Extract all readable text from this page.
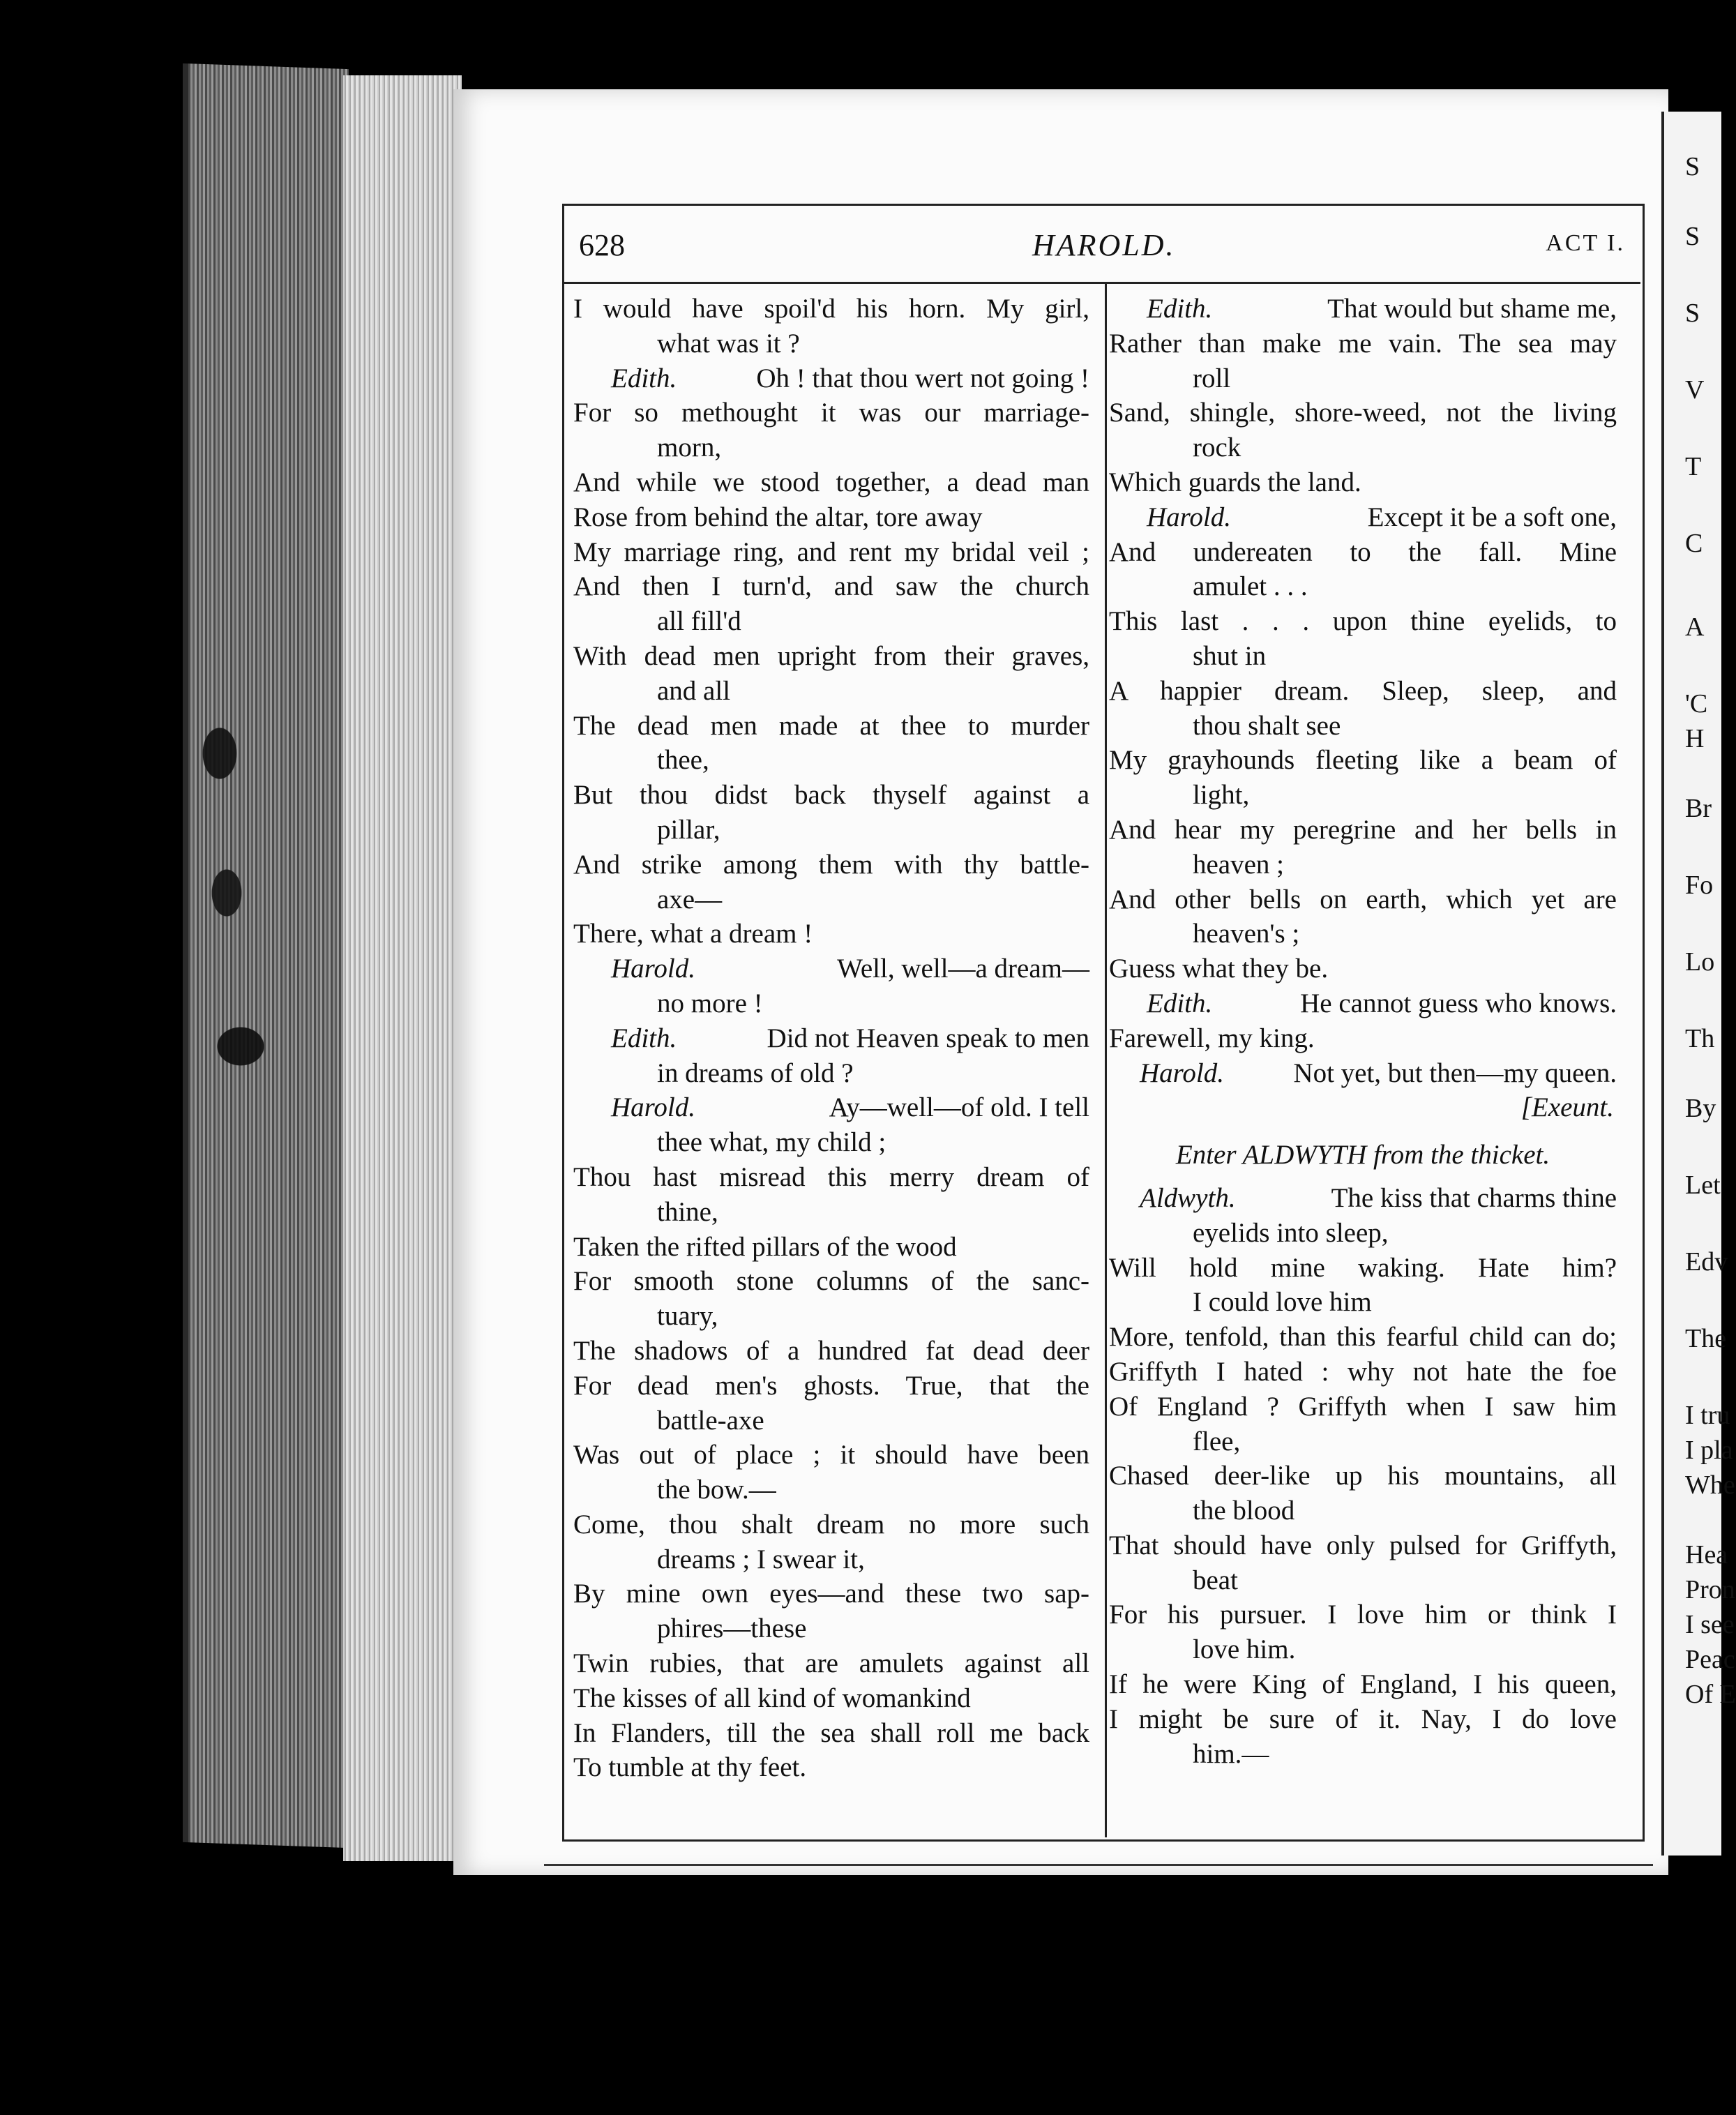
S
S
S
V
T
C
A
'C
H
Br
Fo
Lo
Th
By
Let
Edv
The
I tru
I pla
Whe
Hea
Pron
I see
Peac
Of E
628	HAROLD.	ACT I.
I would have spoil'd his horn. My girl,
what was it ?
Edith.	Oh ! that thou wert not going !
For so methought it was our marriage-
morn,
And while we stood together, a dead man
Rose from behind the altar, tore away
My marriage ring, and rent my bridal veil ;
And then I turn'd, and saw the church
all fill'd
With dead men upright from their graves,
and all
The dead men made at thee to murder
thee,
But thou didst back thyself against a
pillar,
And strike among them with thy battle-
axe—
There, what a dream !
Harold.	Well, well—a dream—
no more !
Edith.	Did not Heaven speak to men
in dreams of old ?
Harold.	Ay—well—of old. I tell
thee what, my child ;
Thou hast misread this merry dream of
thine,
Taken the rifted pillars of the wood
For smooth stone columns of the sanc-
tuary,
The shadows of a hundred fat dead deer
For dead men's ghosts. True, that the
battle-axe
Was out of place ; it should have been
the bow.—
Come, thou shalt dream no more such
dreams ; I swear it,
By mine own eyes—and these two sap-
phires—these
Twin rubies, that are amulets against all
The kisses of all kind of womankind
In Flanders, till the sea shall roll me back
To tumble at thy feet.
Edith.	That would but shame me,
Rather than make me vain. The sea may
roll
Sand, shingle, shore-weed, not the living
rock
Which guards the land.
Harold.	Except it be a soft one,
And undereaten to the fall. Mine
amulet . . .
This last . . . upon thine eyelids, to
shut in
A happier dream. Sleep, sleep, and
thou shalt see
My grayhounds fleeting like a beam of
light,
And hear my peregrine and her bells in
heaven ;
And other bells on earth, which yet are
heaven's ;
Guess what they be.
Edith.	He cannot guess who knows.
Farewell, my king.
Harold.	Not yet, but then—my queen.
[Exeunt.
Enter ALDWYTH from the thicket.
Aldwyth.	The kiss that charms thine
eyelids into sleep,
Will hold mine waking. Hate him?
I could love him
More, tenfold, than this fearful child can do;
Griffyth I hated : why not hate the foe
Of England ? Griffyth when I saw him
flee,
Chased deer-like up his mountains, all
the blood
That should have only pulsed for Griffyth,
beat
For his pursuer. I love him or think I
love him.
If he were King of England, I his queen,
I might be sure of it. Nay, I do love
him.—
